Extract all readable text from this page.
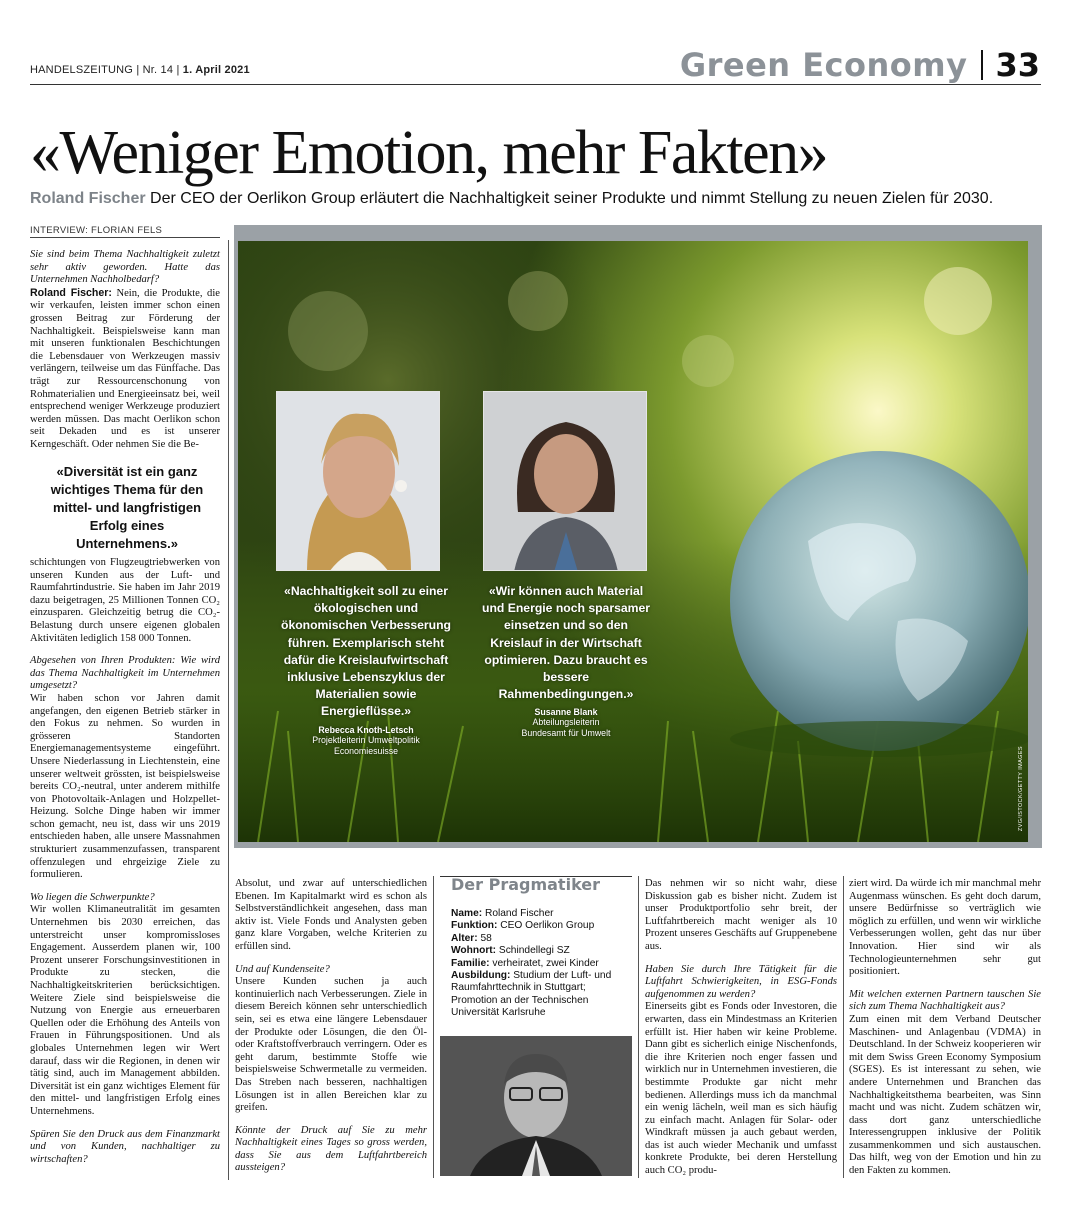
HANDELSZEITUNG | Nr. 14 | 1. April 2021	Green Economy 33
«Weniger Emotion, mehr Fakten»
Roland Fischer Der CEO der Oerlikon Group erläutert die Nachhaltigkeit seiner Produkte und nimmt Stellung zu neuen Zielen für 2030.
INTERVIEW: FLORIAN FELS

Sie sind beim Thema Nachhaltigkeit zuletzt sehr aktiv geworden. Hatte das Unternehmen Nachholbedarf?

Roland Fischer: Nein, die Produkte, die wir verkaufen, leisten immer schon einen grossen Beitrag zur Förderung der Nachhaltigkeit. Beispielsweise kann man mit unseren funktionalen Beschichtungen die Lebensdauer von Werkzeugen massiv verlängern, teilweise um das Fünffache. Das trägt zur Ressourcenschonung von Rohmaterialien und Energieeinsatz bei, weil entsprechend weniger Werkzeuge produziert werden müssen. Das macht Oerlikon schon seit Dekaden und es ist unserer Kerngeschäft. Oder nehmen Sie die Be-

«Diversität ist ein ganz wichtiges Thema für den mittel- und langfristigen Erfolg eines Unternehmens.»

schichtungen von Flugzeugtriebwerken von unseren Kunden aus der Luft- und Raumfahrtindustrie. Sie haben im Jahr 2019 dazu beigetragen, 25 Millionen Tonnen CO₂ einzusparen. Gleichzeitig betrug die CO₂-Belastung durch unsere eigenen globalen Aktivitäten lediglich 158 000 Tonnen.

Abgesehen von Ihren Produkten: Wie wird das Thema Nachhaltigkeit im Unternehmen umgesetzt?

Wir haben schon vor Jahren damit angefangen, den eigenen Betrieb stärker in den Fokus zu nehmen. So wurden in grösseren Standorten Energiemanagementsysteme eingeführt. Unsere Niederlassung in Liechtenstein, eine unserer weltweit grössten, ist beispielsweise bereits CO₂-neutral, unter anderem mithilfe von Photovoltaik-Anlagen und Holzpellet-Heizung. Solche Dinge haben wir immer schon gemacht, neu ist, dass wir uns 2019 entschieden haben, alle unsere Massnahmen strukturiert zusammenzufassen, transparent offenzulegen und ehrgeizige Ziele zu formulieren.

Wo liegen die Schwerpunkte?

Wir wollen Klimaneutralität im gesamten Unternehmen bis 2030 erreichen, das unterstreicht unser kompromissloses Engagement. Ausserdem planen wir, 100 Prozent unserer Forschungsinvestitionen in Produkte zu stecken, die Nachhaltigkeitskriterien berücksichtigen. Weitere Ziele sind beispielsweise die Nutzung von Energie aus erneuerbaren Quellen oder die Erhöhung des Anteils von Frauen in Führungspositionen. Und als globales Unternehmen legen wir Wert darauf, dass wir die Regionen, in denen wir tätig sind, auch im Management abbilden. Diversität ist ein ganz wichtiges Element für den mittel- und langfristigen Erfolg eines Unternehmens.

Spüren Sie den Druck aus dem Finanzmarkt und von Kunden, nachhaltiger zu wirtschaften?

«Nachhaltigkeit soll zu einer ökologischen und ökonomischen Verbesserung führen. Exemplarisch steht dafür die Kreislaufwirtschaft inklusive Lebenszyklus der Materialien sowie Energieflüsse.»
Rebecca Knoth-Letsch
Projektleiterin Umweltpolitik
Economiesuisse
«Wir können auch Material und Energie noch sparsamer einsetzen und so den Kreislauf in der Wirtschaft optimieren. Dazu braucht es bessere Rahmenbedingungen.»
Susanne Blank
Abteilungsleiterin
Bundesamt für Umwelt
ZVG/ISTOCK/GETTY IMAGES

Absolut, und zwar auf unterschiedlichen Ebenen. Im Kapitalmarkt wird es schon als Selbstverständlichkeit angesehen, dass man aktiv ist. Viele Fonds und Analysten geben ganz klare Vorgaben, welche Kriterien zu erfüllen sind.

Und auf Kundenseite?

Unsere Kunden suchen ja auch kontinuierlich nach Verbesserungen. Ziele in diesem Bereich können sehr unterschiedlich sein, sei es etwa eine längere Lebensdauer der Produkte oder Lösungen, die den Öl- oder Kraftstoffverbrauch verringern. Oder es geht darum, bestimmte Stoffe wie beispielsweise Schwermetalle zu vermeiden. Das Streben nach besseren, nachhaltigen Lösungen ist in allen Bereichen klar zu greifen.

Könnte der Druck auf Sie zu mehr Nachhaltigkeit eines Tages so gross werden, dass Sie aus dem Luftfahrtbereich aussteigen?

Der Pragmatiker
Name: Roland Fischer
Funktion: CEO Oerlikon Group
Alter: 58
Wohnort: Schindellegi SZ
Familie: verheiratet, zwei Kinder
Ausbildung: Studium der Luft- und Raumfahrttechnik in Stuttgart; Promotion an der Technischen Universität Karlsruhe

Das nehmen wir so nicht wahr, diese Diskussion gab es bisher nicht. Zudem ist unser Produktportfolio sehr breit, der Luftfahrtbereich macht weniger als 10 Prozent unseres Geschäfts auf Gruppenebene aus.

Haben Sie durch Ihre Tätigkeit für die Luftfahrt Schwierigkeiten, in ESG-Fonds aufgenommen zu werden?

Einerseits gibt es Fonds oder Investoren, die erwarten, dass ein Mindestmass an Kriterien erfüllt ist. Hier haben wir keine Probleme. Dann gibt es sicherlich einige Nischenfonds, die ihre Kriterien noch enger fassen und wirklich nur in Unternehmen investieren, die bestimmte Produkte gar nicht mehr bedienen. Allerdings muss ich da manchmal ein wenig lächeln, weil man es sich häufig zu einfach macht. Anlagen für Solar- oder Windkraft müssen ja auch gebaut werden, das ist auch wieder Mechanik und umfasst konkrete Produkte, bei deren Herstellung auch CO₂ produ-

ziert wird. Da würde ich mir manchmal mehr Augenmass wünschen. Es geht doch darum, unsere Bedürfnisse so verträglich wie möglich zu erfüllen, und wenn wir wirkliche Verbesserungen wollen, geht das nur über Innovation. Hier sind wir als Technologieunternehmen sehr gut positioniert.

Mit welchen externen Partnern tauschen Sie sich zum Thema Nachhaltigkeit aus?

Zum einen mit dem Verband Deutscher Maschinen- und Anlagenbau (VDMA) in Deutschland. In der Schweiz kooperieren wir mit dem Swiss Green Economy Symposium (SGES). Es ist interessant zu sehen, wie andere Unternehmen und Branchen das Nachhaltigkeitsthema bearbeiten, was Sinn macht und was nicht. Zudem schätzen wir, dass dort ganz unterschiedliche Interessengruppen inklusive der Politik zusammenkommen und sich austauschen. Das hilft, weg von der Emotion und hin zu den Fakten zu kommen.
